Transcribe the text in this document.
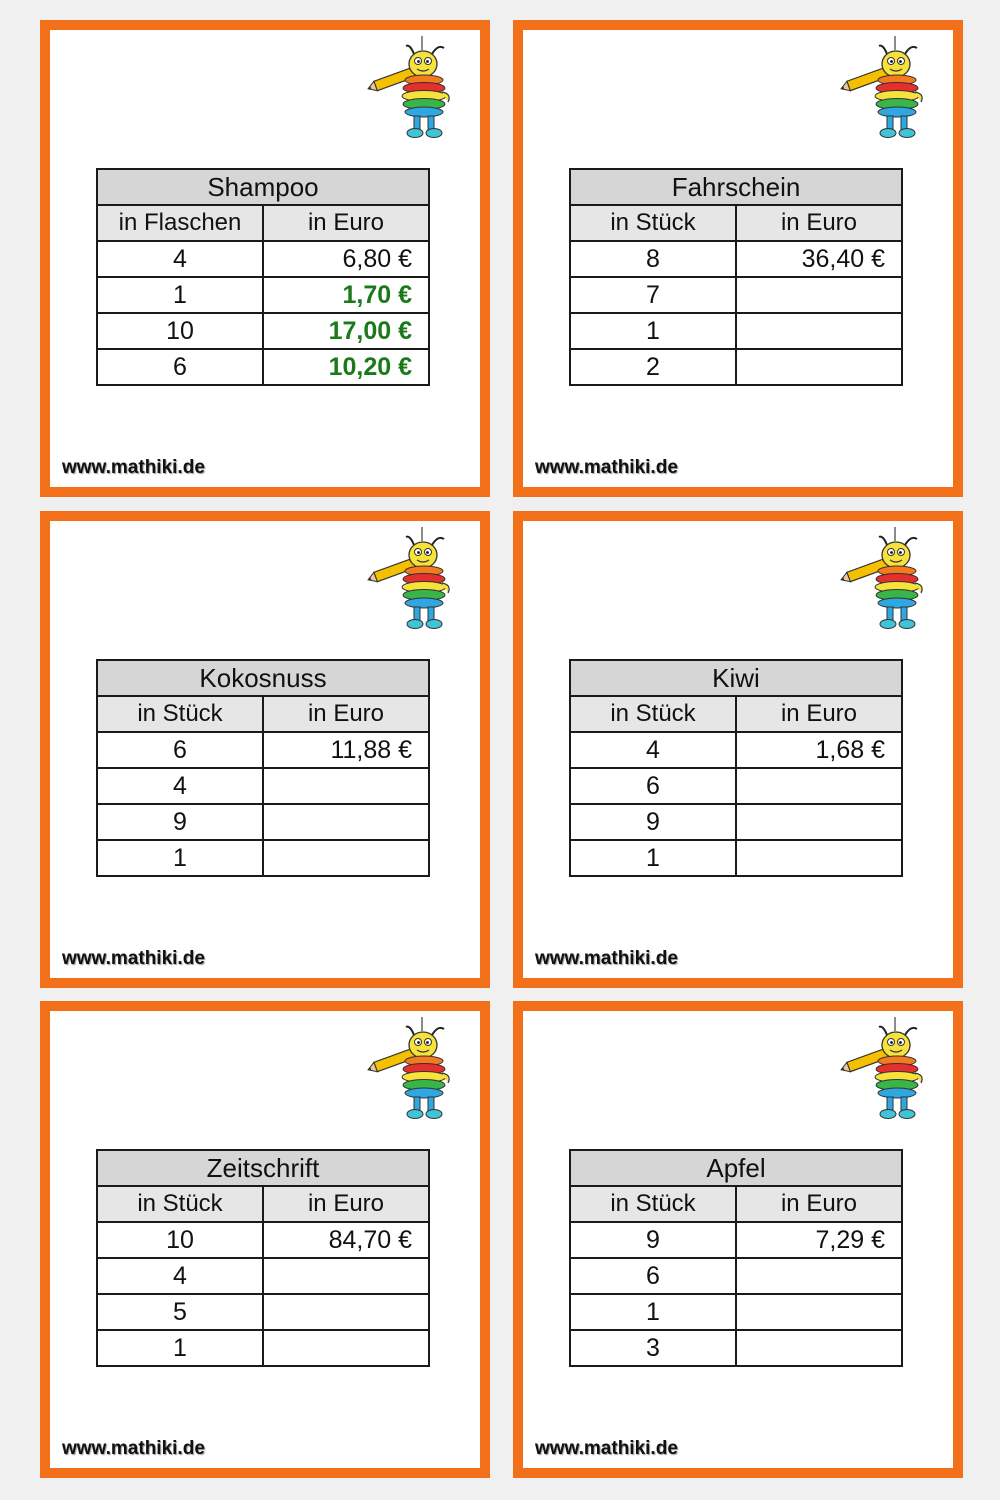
Shampoo	
in Flaschen	in Euro
4	6,80 €
1	1,70 €
10	17,00 €
6	10,20 €
www.mathiki.de
Fahrschein	
in Stück	in Euro
8	36,40 €
7	
1	
2	
www.mathiki.de
Kokosnuss	
in Stück	in Euro
6	11,88 €
4	
9	
1	
www.mathiki.de
Kiwi	
in Stück	in Euro
4	1,68 €
6	
9	
1	
www.mathiki.de
Zeitschrift	
in Stück	in Euro
10	84,70 €
4	
5	
1	
www.mathiki.de
Apfel	
in Stück	in Euro
9	7,29 €
6	
1	
3	
www.mathiki.de
